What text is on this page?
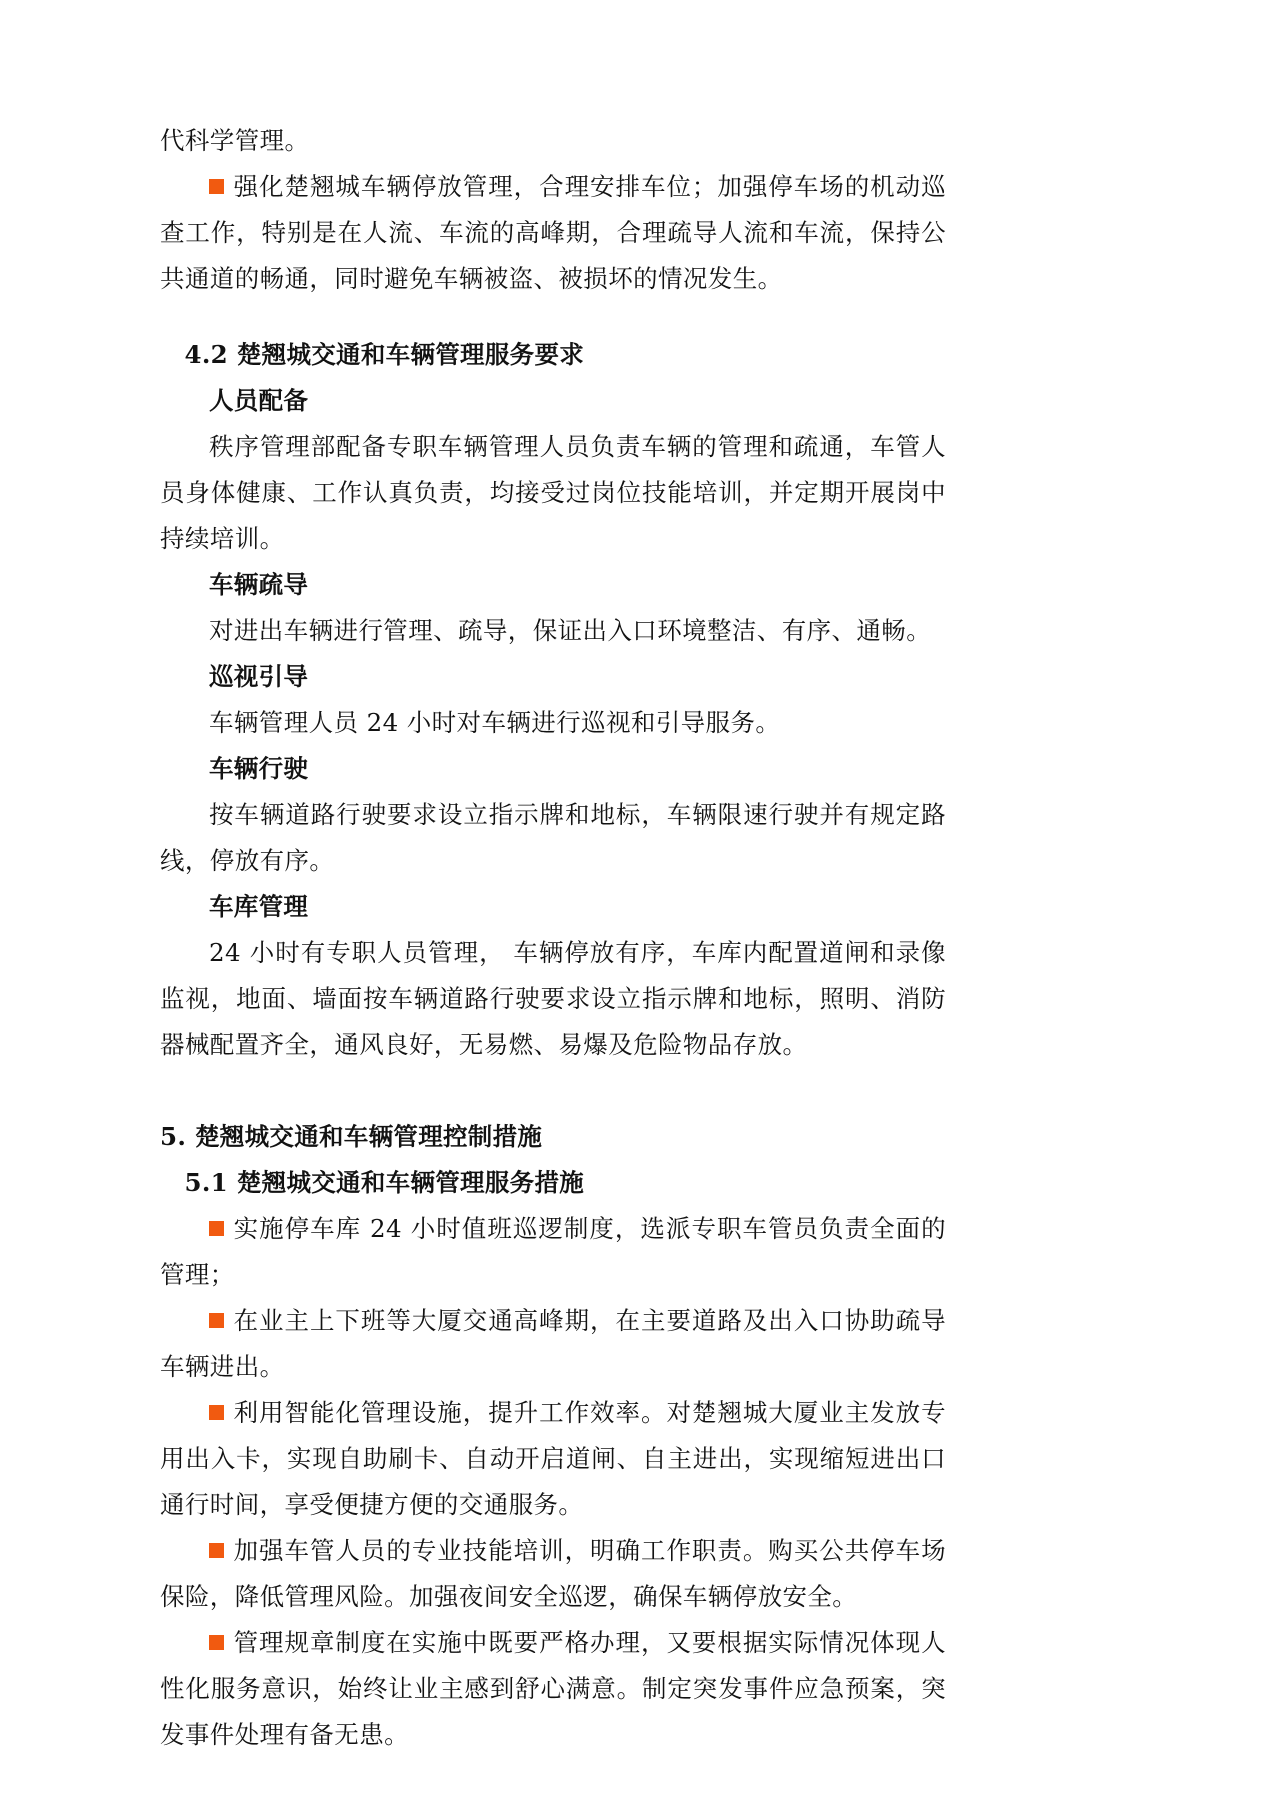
代科学管理。

强化楚翘城车辆停放管理，合理安排车位；加强停车场的机动巡查工作，特别是在人流、车流的高峰期，合理疏导人流和车流，保持公共通道的畅通，同时避免车辆被盗、被损坏的情况发生。

4.2 楚翘城交通和车辆管理服务要求

人员配备

秩序管理部配备专职车辆管理人员负责车辆的管理和疏通，车管人员身体健康、工作认真负责，均接受过岗位技能培训，并定期开展岗中持续培训。

车辆疏导

对进出车辆进行管理、疏导，保证出入口环境整洁、有序、通畅。

巡视引导

车辆管理人员 24 小时对车辆进行巡视和引导服务。

车辆行驶

按车辆道路行驶要求设立指示牌和地标，车辆限速行驶并有规定路线，停放有序。

车库管理

24 小时有专职人员管理， 车辆停放有序，车库内配置道闸和录像监视，地面、墙面按车辆道路行驶要求设立指示牌和地标，照明、消防器械配置齐全，通风良好，无易燃、易爆及危险物品存放。

5. 楚翘城交通和车辆管理控制措施

5.1 楚翘城交通和车辆管理服务措施

实施停车库 24 小时值班巡逻制度，选派专职车管员负责全面的管理；

在业主上下班等大厦交通高峰期，在主要道路及出入口协助疏导车辆进出。

利用智能化管理设施，提升工作效率。对楚翘城大厦业主发放专用出入卡，实现自助刷卡、自动开启道闸、自主进出，实现缩短进出口通行时间，享受便捷方便的交通服务。

加强车管人员的专业技能培训，明确工作职责。购买公共停车场保险，降低管理风险。加强夜间安全巡逻，确保车辆停放安全。

管理规章制度在实施中既要严格办理，又要根据实际情况体现人性化服务意识，始终让业主感到舒心满意。制定突发事件应急预案，突发事件处理有备无患。
